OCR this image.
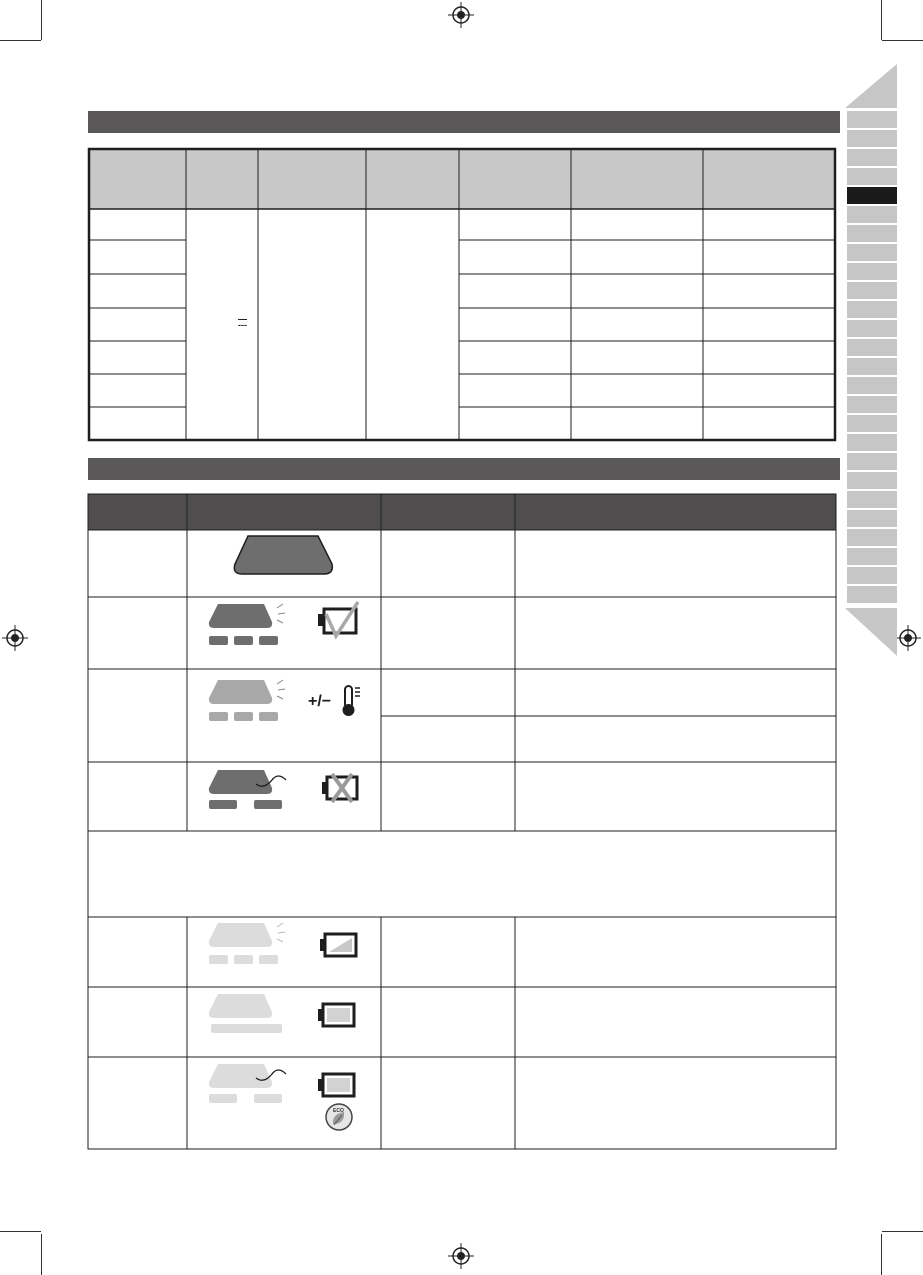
---
+/−
ECO
